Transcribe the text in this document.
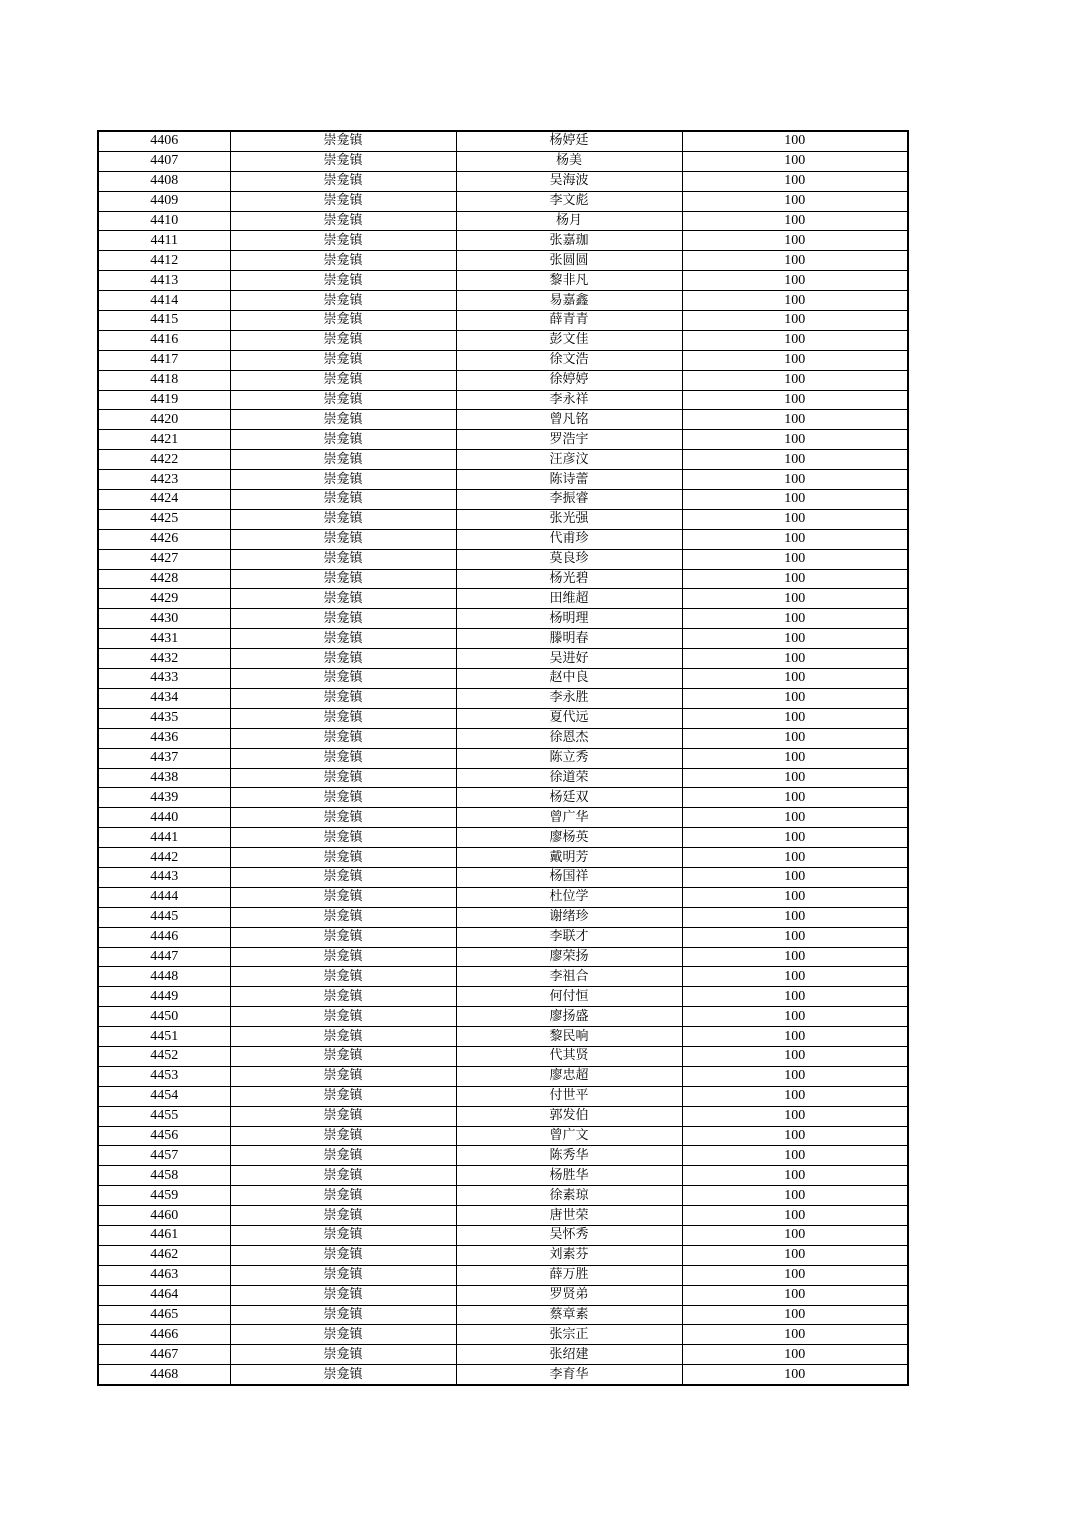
4406	崇龛镇	杨婷廷	100
4407	崇龛镇	杨美	100
4408	崇龛镇	吴海波	100
4409	崇龛镇	李文彪	100
4410	崇龛镇	杨月	100
4411	崇龛镇	张嘉珈	100
4412	崇龛镇	张圆圆	100
4413	崇龛镇	黎非凡	100
4414	崇龛镇	易嘉鑫	100
4415	崇龛镇	薛青青	100
4416	崇龛镇	彭文佳	100
4417	崇龛镇	徐文浩	100
4418	崇龛镇	徐婷婷	100
4419	崇龛镇	李永祥	100
4420	崇龛镇	曾凡铭	100
4421	崇龛镇	罗浩宇	100
4422	崇龛镇	汪彦汶	100
4423	崇龛镇	陈诗蕾	100
4424	崇龛镇	李振睿	100
4425	崇龛镇	张光强	100
4426	崇龛镇	代甫珍	100
4427	崇龛镇	莫良珍	100
4428	崇龛镇	杨光碧	100
4429	崇龛镇	田维超	100
4430	崇龛镇	杨明理	100
4431	崇龛镇	滕明春	100
4432	崇龛镇	吴进好	100
4433	崇龛镇	赵中良	100
4434	崇龛镇	李永胜	100
4435	崇龛镇	夏代远	100
4436	崇龛镇	徐恩杰	100
4437	崇龛镇	陈立秀	100
4438	崇龛镇	徐道荣	100
4439	崇龛镇	杨廷双	100
4440	崇龛镇	曾广华	100
4441	崇龛镇	廖杨英	100
4442	崇龛镇	戴明芳	100
4443	崇龛镇	杨国祥	100
4444	崇龛镇	杜位学	100
4445	崇龛镇	谢绪珍	100
4446	崇龛镇	李联才	100
4447	崇龛镇	廖荣扬	100
4448	崇龛镇	李祖合	100
4449	崇龛镇	何付恒	100
4450	崇龛镇	廖扬盛	100
4451	崇龛镇	黎民响	100
4452	崇龛镇	代其贤	100
4453	崇龛镇	廖忠超	100
4454	崇龛镇	付世平	100
4455	崇龛镇	郭发伯	100
4456	崇龛镇	曾广文	100
4457	崇龛镇	陈秀华	100
4458	崇龛镇	杨胜华	100
4459	崇龛镇	徐素琼	100
4460	崇龛镇	唐世荣	100
4461	崇龛镇	吴怀秀	100
4462	崇龛镇	刘素芬	100
4463	崇龛镇	薛万胜	100
4464	崇龛镇	罗贤弟	100
4465	崇龛镇	蔡章素	100
4466	崇龛镇	张宗正	100
4467	崇龛镇	张绍建	100
4468	崇龛镇	李育华	100
